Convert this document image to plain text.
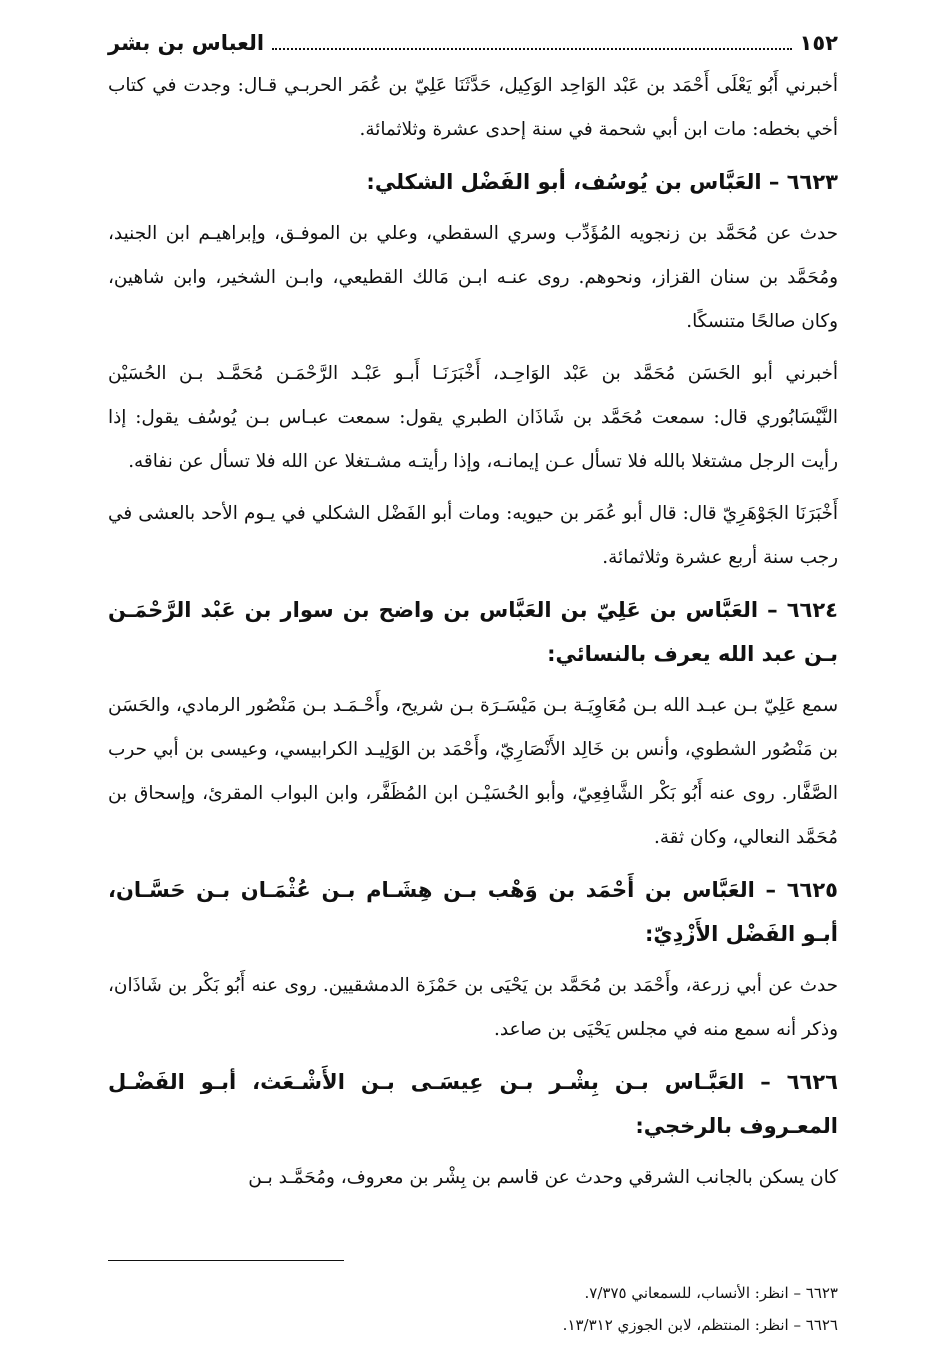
١٥٢
العباس بن بشر

أخبرني أَبُو يَعْلَى أَحْمَد بن عَبْد الوَاحِد الوَكِيل، حَدَّثَنَا عَلِيّ بن عُمَر الحربـي قـال: وجدت في كتاب أخي بخطه: مات ابن أبي شحمة في سنة إحدى عشرة وثلاثمائة.

٦٦٢٣ – العَبَّاس بن يُوسُف، أبو الفَضْل الشكلي:

حدث عن مُحَمَّد بن زنجويه المُؤَدِّب وسري السقطي، وعلي بن الموفـق، وإبراهيـم ابن الجنيد، ومُحَمَّد بن سنان القزاز، ونحوهم. روى عنـه ابـن مَالك القطيعي، وابـن الشخير، وابن شاهين، وكان صالحًا متنسكًا.

أخبرني أبو الحَسَن مُحَمَّد بن عَبْد الوَاحِـد، أَخْبَرَنَـا أَبـو عَبْـد الرَّحْمَـن مُحَمَّـد بـن الحُسَيْن النَّيْسَابُوري قال: سمعت مُحَمَّد بن شَاذَان الطبري يقول: سمعت عبـاس بـن يُوسُف يقول: إذا رأيت الرجل مشتغلا بالله فلا تسأل عـن إيمانـه، وإذا رأيتـه مشـتغلا عن الله فلا تسأل عن نفاقه.

أَخْبَرَنَا الجَوْهَرِيّ قال: قال أبو عُمَر بن حيويه: ومات أبو الفَضْل الشكلي في يـوم الأحد بالعشى في رجب سنة أربع عشرة وثلاثمائة.

٦٦٢٤ – العَبَّاس بن عَلِيّ بن العَبَّاس بن واضح بن سوار بن عَبْد الرَّحْمَـن بـن عبد الله يعرف بالنسائي:

سمع عَلِيّ بـن عبـد الله بـن مُعَاوِيَـة بـن مَيْسَـرَة بـن شريح، وأَحْـمَـد بـن مَنْصُور الرمادي، والحَسَن بن مَنْصُور الشطوي، وأنس بن خَالِد الأَنْصَارِيّ، وأَحْمَد بن الوَلِيـد الكرابيسي، وعيسى بن أبي حرب الصَّفَّار. روى عنه أَبُو بَكْر الشَّافِعِيّ، وأبو الحُسَيْـن ابن المُظَفَّر، وابن البواب المقرئ، وإسحاق بن مُحَمَّد النعالي، وكان ثقة.

٦٦٢٥ – العَبَّاس بن أَحْمَد بن وَهْب بـن هِشَـام بـن عُثْمَـان بـن حَسَّـان، أبـو الفَضْل الأَزْدِيّ:

حدث عن أبي زرعة، وأَحْمَد بن مُحَمَّد بن يَحْيَى بن حَمْزَة الدمشقيين. روى عنه أَبُو بَكْر بن شَاذَان، وذكر أنه سمع منه في مجلس يَحْيَى بن صاعد.

٦٦٢٦ – العَبَّـاس بـن بِشْـر بـن عِيسَـى بـن الأَشْـعَث، أبـو الفَضْـل المعـروف بالرخجي:

كان يسكن بالجانب الشرقي وحدث عن قاسم بن بِشْر بن معروف، ومُحَمَّـد بـن

٦٦٢٣ – انظر: الأنساب، للسمعاني ٧/٣٧٥.
٦٦٢٦ – انظر: المنتظم، لابن الجوزي ١٣/٣١٢.
